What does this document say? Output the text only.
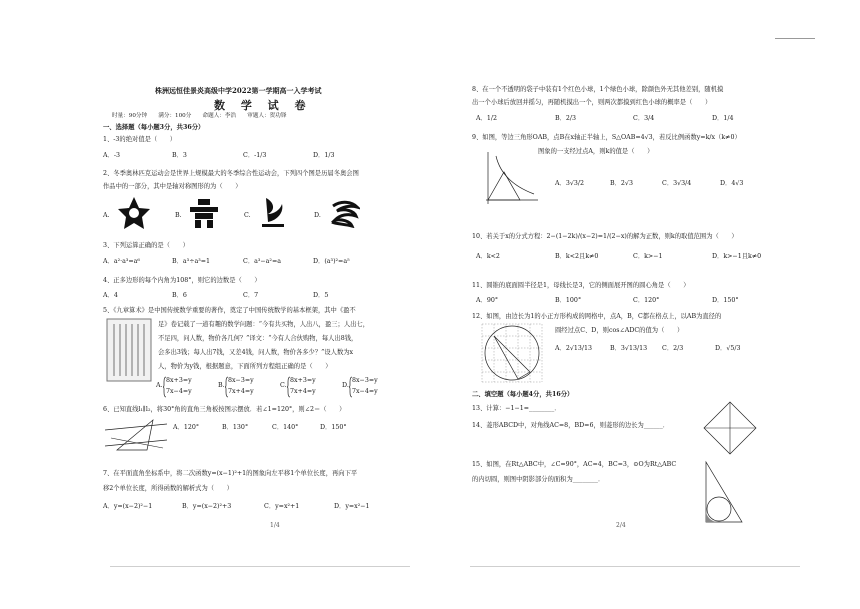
株洲远恒佳景炎高级中学2022第一学期高一入学考试
数 学 试 卷
时量：90分钟　　满分：100分　　命题人：李浩　　审题人：贺功锋
一、选择题（每小题3分，共36分）
1、-3的绝对值是（　　）
A．-3	B．3	C．-1/3	D．1/3
2、冬季奥林匹克运动会是世界上规模最大的冬季综合性运动会，下列四个图是历届冬奥会图
作品中的一部分，其中是轴对称图形的为（　　）
A.	B.	C.	D.
3、下列运算正确的是（　　）
A．a²·a³=a⁶	B．a³÷a³=1	C．a³−a²=a	D．(a³)²=a⁵
4、正多边形的每个内角为108°，则它的边数是（　　）
A．4	B．6	C．7	D．5
5、《九章算术》是中国传统数学重要的著作，奠定了中国传统数学的基本框架，其中《盈不
足》卷记载了一道有趣的数学问题：“今有共买物，人出八，盈三；人出七，
不足四，问人数，物价各几何？”译文：“今有人合伙购物，每人出8钱，
会多出3钱；每人出7钱，又差4钱，问人数，物价各多少？”设人数为x
人，物价为y钱，根据题意，下面所列方程组正确的是（　　）
A.
8x+3=y
7x−4=y
B.
8x−3=y
7x+4=y
C.
8x+3=y
7x+4=y
D.
8x−3=y
7x−4=y
6、已知直线l₁∥l₂，将30°角的直角三角板按图示摆放．若∠1=120°，则∠2＝（　　）
A．120°	B．130°	C．140°	D．150°
7、在平面直角坐标系中，将二次函数y=(x−1)²+1的图象向左平移1个单位长度，再向下平
移2个单位长度，所得函数的解析式为（　　）
A．y=(x−2)²−1	B．y=(x−2)²+3	C．y=x²+1	D．y=x²−1
1/4
8、在一个不透明的袋子中装有1个红色小球，1个绿色小球，除颜色外无其他差别，随机摸
出一个小球后放回并摇匀，再随机摸出一个，则两次都摸到红色小球的概率是（　　）
A．1/2	B．2/3	C．3/4	D．1/4
9、如图，等边三角形OAB，点B在x轴正半轴上，S△OAB=4√3，若反比例函数y=k/x（k≠0）
图象的一支经过点A，则k的值是（　　）
A．3√3/2	B．2√3	C．3√3/4	D．4√3
10、若关于x的分式方程：2−(1−2k)/(x−2)=1/(2−x)的解为正数，则k的取值范围为（　　）
A．k<2	B．k<2且k≠0	C．k>−1	D．k>−1且k≠0
11、圆锥的底面圆半径是1，母线长是3，它的侧面展开图的圆心角是（　　）
A．90°	B．100°	C．120°	D．150°
12、如图，由边长为1的小正方形构成的网格中，点A，B，C都在格点上，以AB为直径的
圆经过点C、D，则cos∠ADC的值为（　　）
A．2√13/13	B．3√13/13 C．2/3	D．√5/3
二、填空题（每小题4分，共16分）
13、计算：−1−1=________．
14、菱形ABCD中，对角线AC=8，BD=6，则菱形的边长为______．
15、如图，在Rt△ABC中，∠C=90°，AC=4，BC=3，⊙O为Rt△ABC
的内切圆，则图中阴影部分的面积为________．
2/4
